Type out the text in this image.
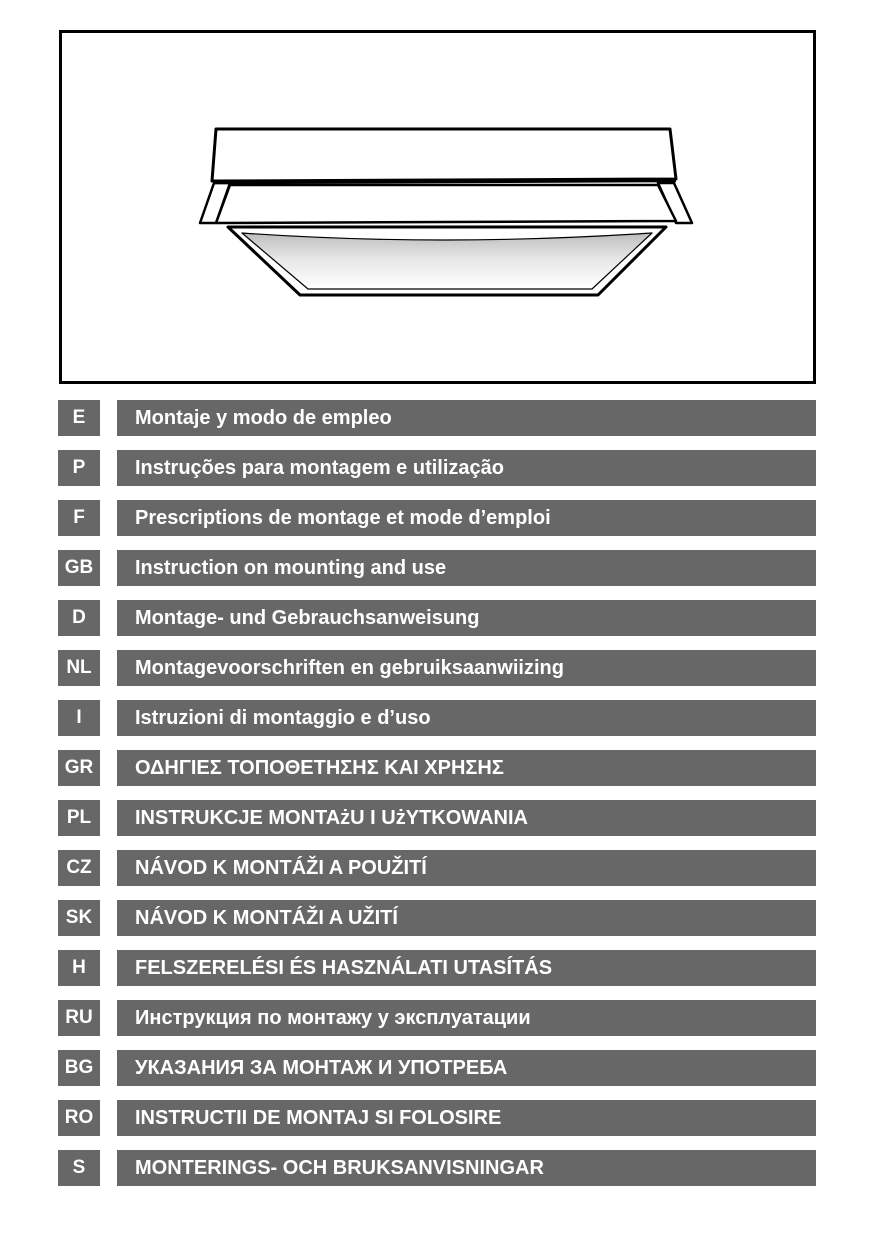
E	Montaje y modo de empleo
P	Instruções para montagem e utilização
F	Prescriptions de montage et mode d’emploi
GB	Instruction on mounting and use
D	Montage- und Gebrauchsanweisung
NL	Montagevoorschriften en gebruiksaanwiizing
I	Istruzioni di montaggio e d’uso
GR	ΟΔΗΓΙΕΣ ΤΟΠΟΘΕΤΗΣΗΣ ΚΑΙ ΧΡΗΣΗΣ
PL	INSTRUKCJE MONTAżU I UżYTKOWANIA
CZ	NÁVOD K MONTÁŽI A POUŽITÍ
SK	NÁVOD K MONTÁŽI A UŽITÍ
H	FELSZERELÉSI ÉS HASZNÁLATI UTASÍTÁS
RU	Инструкция по монтажу у эксплуатации
BG	УКАЗАНИЯ ЗА МОНТАЖ И УПОТРЕБА
RO	INSTRUCTII DE MONTAJ SI FOLOSIRE
S	MONTERINGS- OCH BRUKSANVISNINGAR
